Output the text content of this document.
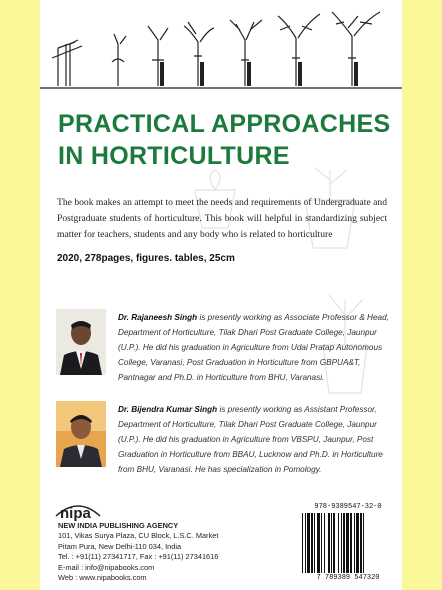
PRACTICAL APPROACHES
IN HORTICULTURE
The book makes an attempt to meet the needs and requirements of Undergraduate and Postgraduate students of horticulture. This book will helpful in standardizing subject matter for teachers, students and any body who is related to horticulture
2020, 278pages, figures. tables, 25cm
Dr. Rajaneesh Singh is presently working as Associate Professor & Head, Department of Horticulture, Tilak Dhari Post Graduate College, Jaunpur (U.P.). He did his graduation in Agriculture from Udai Pratap Autonomous College, Varanasi, Post Graduation in Horticulture from GBPUA&T, Pantnagar and Ph.D. in Horticulture from BHU, Varanasi.
Dr. Bijendra Kumar Singh is presently working as Assistant Professor, Department of Horticulture, Tilak Dhari Post Graduate College, Jaunpur (U.P.). He did his graduation in Agriculture from VBSPU, Jaunpur, Post Graduation in Horticulture from BBAU, Lucknow and Ph.D. in Horticulture from BHU, Varanasi. He has specialization in Pomology.
nipa
NEW INDIA PUBLISHING AGENCY
101, Vikas Surya Plaza, CU Block, L.S.C. Market
Pitam Pura, New Delhi-110 034, India
Tel. : +91(11) 27341717, Fax : +91(11) 27341616
E-mail : info@nipabooks.com
Web : www.nipabooks.com
978-9389547-32-0
7 789389 547320
